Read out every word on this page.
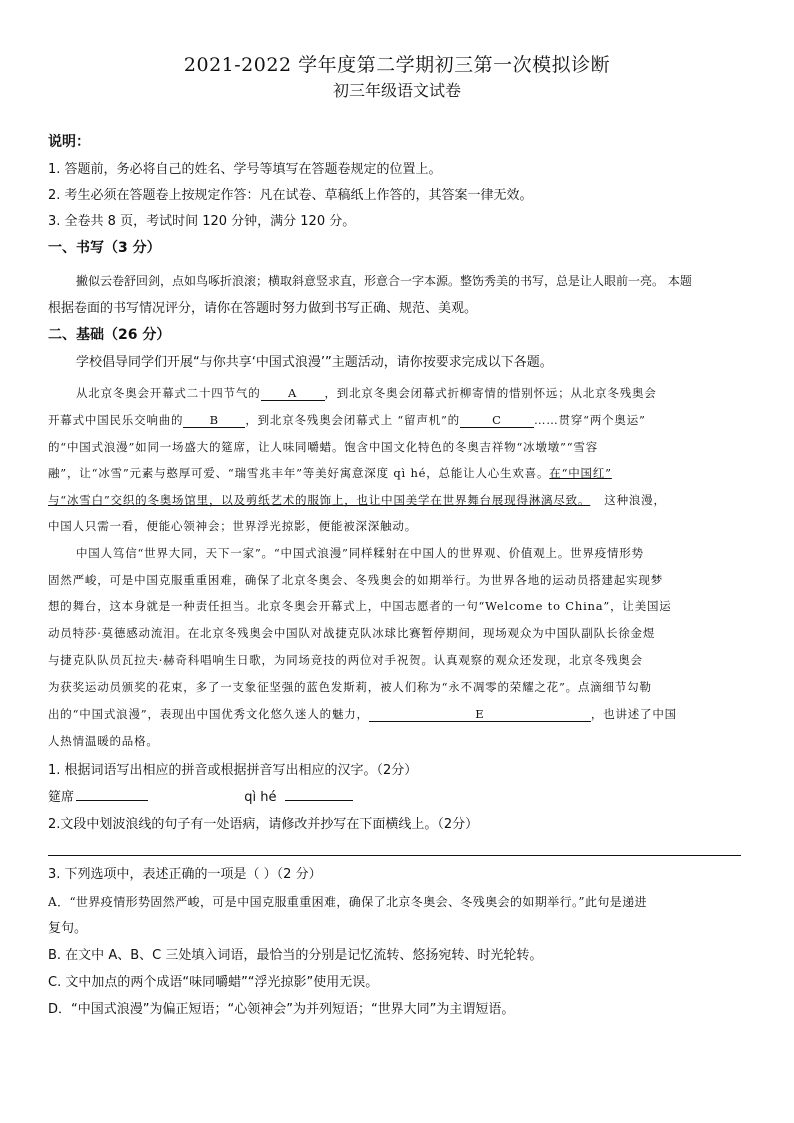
2021-2022 学年度第二学期初三第一次模拟诊断
初三年级语文试卷
说明：
1. 答题前，务必将自己的姓名、学号等填写在答题卷规定的位置上。
2. 考生必须在答题卷上按规定作答：凡在试卷、草稿纸上作答的，其答案一律无效。
3. 全卷共 8 页，考试时间 120 分钟，满分 120 分。
一、书写（3 分）
撇似云卷舒回剑，点如鸟啄折浪滚；横取斜意竖求直，形意合一字本源。整饬秀美的书写，总是让人眼前一亮。 本题
根据卷面的书写情况评分，请你在答题时努力做到书写正确、规范、美观。
二、基础（26 分）
学校倡导同学们开展“与你共享‘中国式浪漫’”主题活动，请你按要求完成以下各题。
从北京冬奥会开幕式二十四节气的 A ，到北京冬奥会闭幕式折柳寄情的惜别怀远；从北京冬残奥会
开幕式中国民乐交响曲的 B ，到北京冬残奥会闭幕式上 “留声机”的	C	……贯穿“两个奥运”
的“中国式浪漫”如同一场盛大的筵席，让人味同嚼蜡。饱含中国文化特色的冬奥吉祥物“冰墩墩”“雪容
融”，让“冰雪”元素与憨厚可爱、“瑞雪兆丰年”等美好寓意深度 qì hé，总能让人心生欢喜。在“中国红”
与“冰雪白”交织的冬奥场馆里，以及剪纸艺术的服饰上，也让中国美学在世界舞台展现得淋漓尽致。 这种浪漫，
中国人只需一看，便能心领神会；世界浮光掠影，便能被深深触动。
中国人笃信“世界大同，天下一家”。“中国式浪漫”同样糅射在中国人的世界观、价值观上。世界疫情形势
固然严峻，可是中国克服重重困难，确保了北京冬奥会、冬残奥会的如期举行。为世界各地的运动员搭建起实现梦
想的舞台，这本身就是一种责任担当。北京冬奥会开幕式上，中国志愿者的一句“Welcome to China”，让美国运
动员特莎·莫德感动流泪。在北京冬残奥会中国队对战捷克队冰球比赛暂停期间，现场观众为中国队副队长徐金煜
与捷克队队员瓦拉夫·赫奇科唱响生日歌，为同场竞技的两位对手祝贺。认真观察的观众还发现，北京冬残奥会
为获奖运动员颁奖的花束，多了一支象征坚强的蓝色发斯莉，被人们称为“永不凋零的荣耀之花”。点滴细节勾勒
出的“中国式浪漫”，表现出中国优秀文化悠久迷人的魅力，	E	，也讲述了中国
人热情温暖的品格。
1. 根据词语写出相应的拼音或根据拼音写出相应的汉字。（2分）
筵席	qì hé
2.文段中划波浪线的句子有一处语病，请修改并抄写在下面横线上。（2分）
3. 下列选项中，表述正确的一项是（ ）（2 分）
A．“世界疫情形势固然严峻，可是中国克服重重困难，确保了北京冬奥会、冬残奥会的如期举行。”此句是递进
复句。
B. 在文中 A、B、C 三处填入词语，最恰当的分别是记忆流转、悠扬宛转、时光轮转。
C. 文中加点的两个成语“味同嚼蜡”“浮光掠影”使用无误。
D．“中国式浪漫”为偏正短语；“心领神会”为并列短语；“世界大同”为主谓短语。
